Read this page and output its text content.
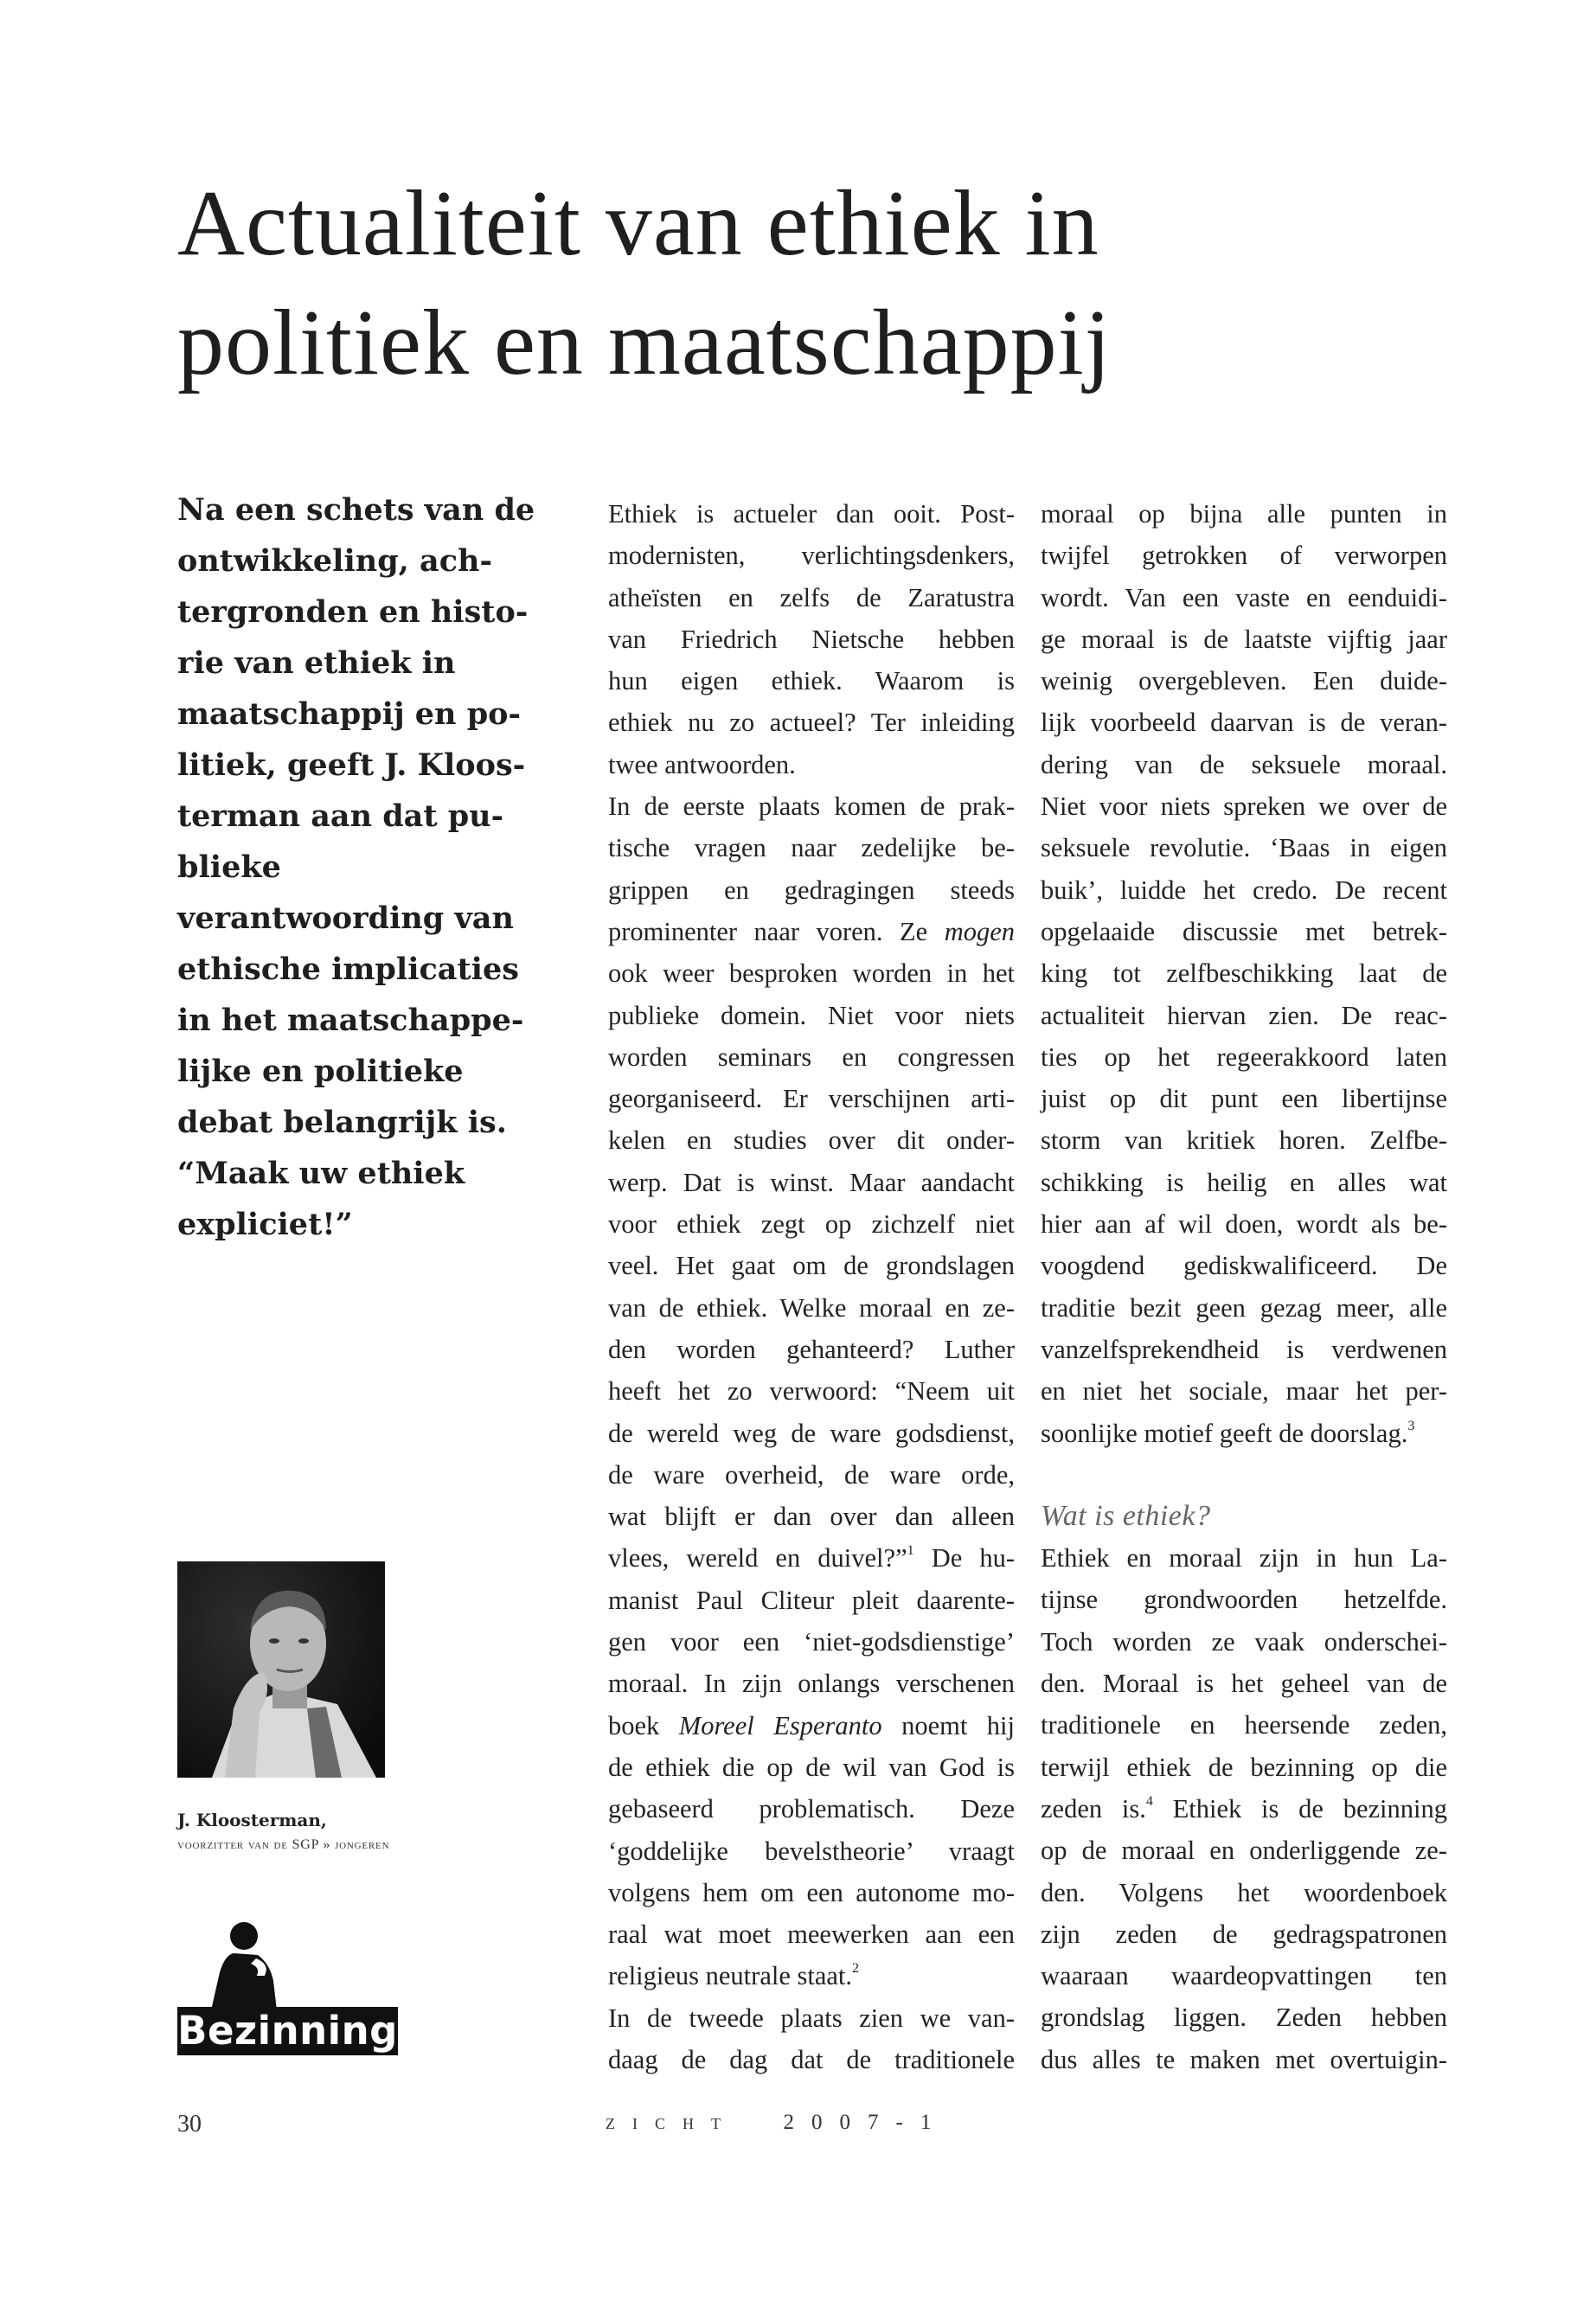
Actualiteit van ethiek in
politiek en maatschappij
Na een schets van de
ontwikkeling, ach-
tergronden en histo-
rie van ethiek in
maatschappij en po-
litiek, geeft J. Kloos-
terman aan dat pu-
blieke
verantwoording van
ethische implicaties
in het maatschappe-
lijke en politieke
debat belangrijk is.
“Maak uw ethiek
expliciet!”
Ethiek is actueler dan ooit. Post-
modernisten, verlichtingsdenkers,
atheïsten en zelfs de Zaratustra
van Friedrich Nietsche hebben
hun eigen ethiek. Waarom is
ethiek nu zo actueel? Ter inleiding
twee antwoorden.
In de eerste plaats komen de prak-
tische vragen naar zedelijke be-
grippen en gedragingen steeds
prominenter naar voren. Ze mogen
ook weer besproken worden in het
publieke domein. Niet voor niets
worden seminars en congressen
georganiseerd. Er verschijnen arti-
kelen en studies over dit onder-
werp. Dat is winst. Maar aandacht
voor ethiek zegt op zichzelf niet
veel. Het gaat om de grondslagen
van de ethiek. Welke moraal en ze-
den worden gehanteerd? Luther
heeft het zo verwoord: “Neem uit
de wereld weg de ware godsdienst,
de ware overheid, de ware orde,
wat blijft er dan over dan alleen
vlees, wereld en duivel?”$^1$ De hu-
manist Paul Cliteur pleit daarente-
gen voor een ‘niet-godsdienstige’
moraal. In zijn onlangs verschenen
boek Moreel Esperanto noemt hij
de ethiek die op de wil van God is
gebaseerd problematisch. Deze
‘goddelijke bevelstheorie’ vraagt
volgens hem om een autonome mo-
raal wat moet meewerken aan een
religieus neutrale staat.$^2$
In de tweede plaats zien we van-
daag de dag dat de traditionele
moraal op bijna alle punten in
twijfel getrokken of verworpen
wordt. Van een vaste en eenduidi-
ge moraal is de laatste vijftig jaar
weinig overgebleven. Een duide-
lijk voorbeeld daarvan is de veran-
dering van de seksuele moraal.
Niet voor niets spreken we over de
seksuele revolutie. ‘Baas in eigen
buik’, luidde het credo. De recent
opgelaaide discussie met betrek-
king tot zelfbeschikking laat de
actualiteit hiervan zien. De reac-
ties op het regeerakkoord laten
juist op dit punt een libertijnse
storm van kritiek horen. Zelfbe-
schikking is heilig en alles wat
hier aan af wil doen, wordt als be-
voogdend gediskwalificeerd. De
traditie bezit geen gezag meer, alle
vanzelfsprekendheid is verdwenen
en niet het sociale, maar het per-
soonlijke motief geeft de doorslag.$^3$
Wat is ethiek?
Ethiek en moraal zijn in hun La-
tijnse grondwoorden hetzelfde.
Toch worden ze vaak onderschei-
den. Moraal is het geheel van de
traditionele en heersende zeden,
terwijl ethiek de bezinning op die
zeden is.$^4$ Ethiek is de bezinning
op de moraal en onderliggende ze-
den. Volgens het woordenboek
zijn zeden de gedragspatronen
waaraan waardeopvattingen ten
grondslag liggen. Zeden hebben
dus alles te maken met overtuigin-
J. Kloosterman,
voorzitter van de SGP » jongeren
Bezinning
30	zicht  2007-1
